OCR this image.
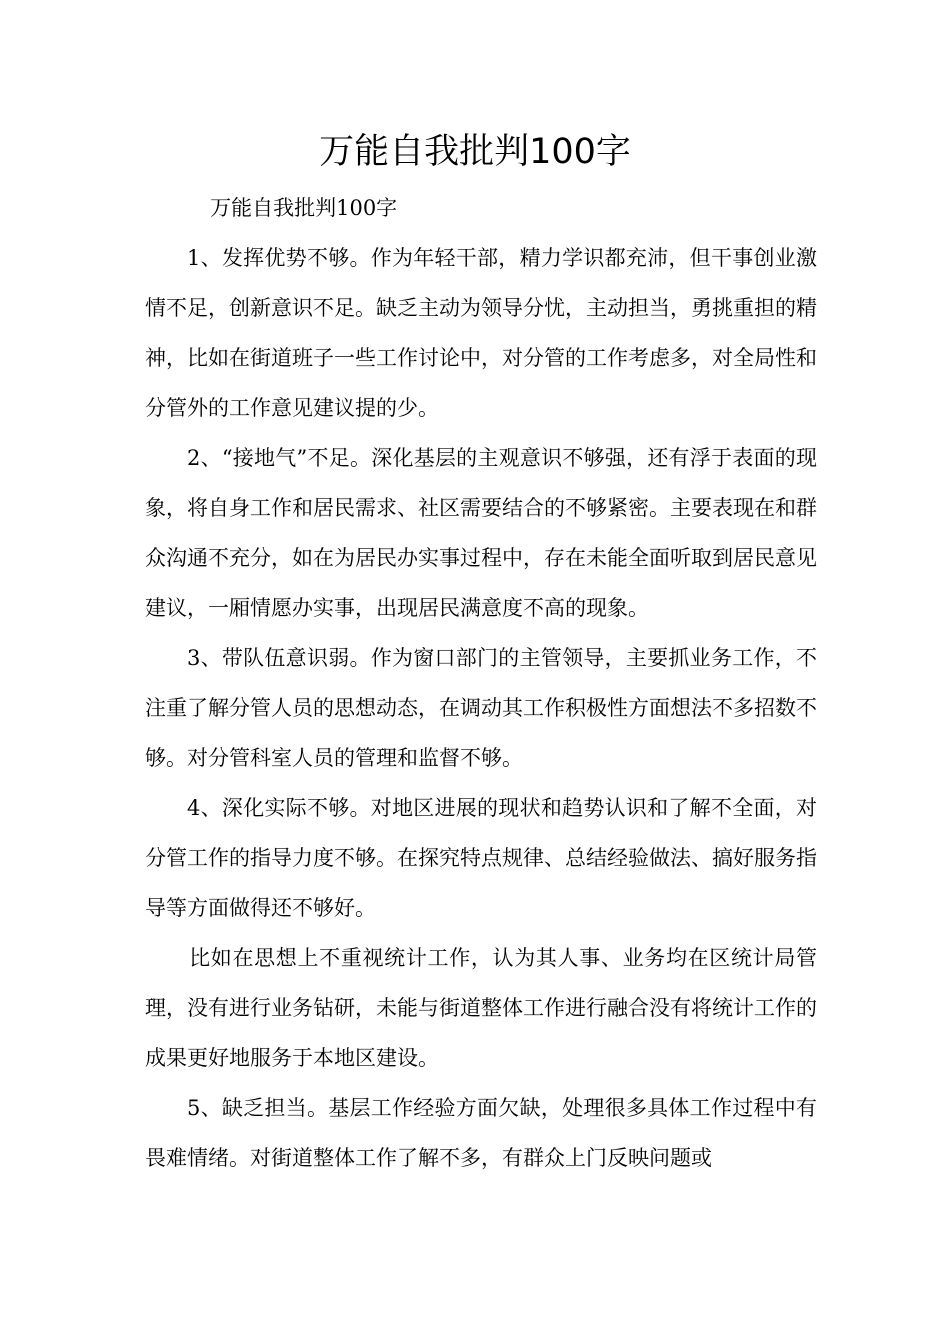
万能自我批判100字

万能自我批判100字

1、发挥优势不够。作为年轻干部，精力学识都充沛，但干事创业激情不足，创新意识不足。缺乏主动为领导分忧，主动担当，勇挑重担的精神，比如在街道班子一些工作讨论中，对分管的工作考虑多，对全局性和分管外的工作意见建议提的少。

2、“接地气”不足。深化基层的主观意识不够强，还有浮于表面的现象，将自身工作和居民需求、社区需要结合的不够紧密。主要表现在和群众沟通不充分，如在为居民办实事过程中，存在未能全面听取到居民意见建议，一厢情愿办实事，出现居民满意度不高的现象。

3、带队伍意识弱。作为窗口部门的主管领导，主要抓业务工作，不注重了解分管人员的思想动态，在调动其工作积极性方面想法不多招数不够。对分管科室人员的管理和监督不够。

4、深化实际不够。对地区进展的现状和趋势认识和了解不全面，对分管工作的指导力度不够。在探究特点规律、总结经验做法、搞好服务指导等方面做得还不够好。

比如在思想上不重视统计工作，认为其人事、业务均在区统计局管理，没有进行业务钻研，未能与街道整体工作进行融合没有将统计工作的成果更好地服务于本地区建设。

5、缺乏担当。基层工作经验方面欠缺，处理很多具体工作过程中有畏难情绪。对街道整体工作了解不多，有群众上门反映问题或
